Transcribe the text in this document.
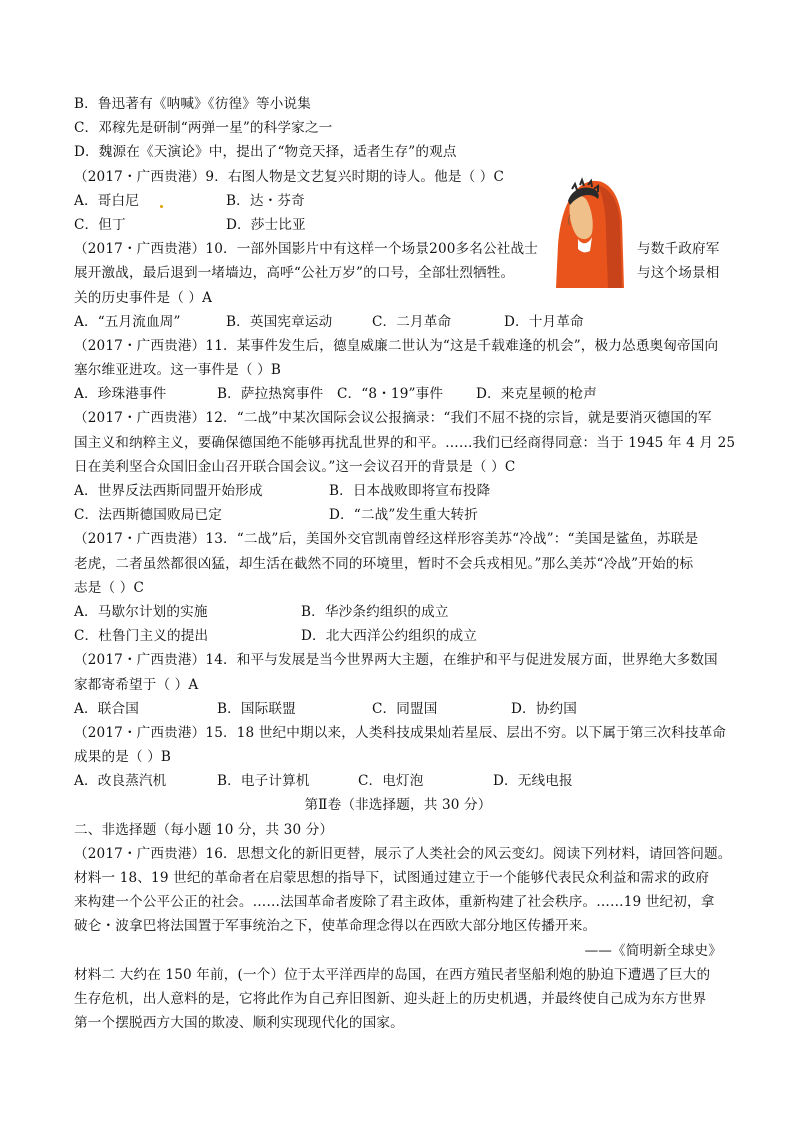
B．鲁迅著有《呐喊》《彷徨》等小说集
C．邓稼先是研制“两弹一星”的科学家之一
D．魏源在《天演论》中，提出了“物竞天择，适者生存”的观点
（2017・广西贵港）9．右图人物是文艺复兴时期的诗人。他是（ ）C
A．哥白尼	B．达・芬奇
C．但丁	D．莎士比亚
（2017・广西贵港）10．一部外国影片中有这样一个场景200多名公社战士	与数千政府军
展开激战，最后退到一堵墙边，高呼“公社万岁”的口号，全部壮烈牺牲。	与这个场景相
关的历史事件是（ ）A
A．“五月流血周”	B．英国宪章运动	C．二月革命	D．十月革命
（2017・广西贵港）11．某事件发生后，德皇威廉二世认为“这是千载难逢的机会”，极力怂恿奥匈帝国向
塞尔维亚进攻。这一事件是（ ）B
A．珍珠港事件	B．萨拉热窝事件 C．“8・19”事件 D．来克星顿的枪声
（2017・广西贵港）12．“二战”中某次国际会议公报摘录：“我们不屈不挠的宗旨，就是要消灭德国的军
国主义和纳粹主义，要确保德国绝不能够再扰乱世界的和平。……我们已经商得同意：当于 1945 年 4 月 25
日在美利坚合众国旧金山召开联合国会议。”这一会议召开的背景是（ ）C
A．世界反法西斯同盟开始形成	B．日本战败即将宣布投降
C．法西斯德国败局已定	D．“二战”发生重大转折
（2017・广西贵港）13．“二战”后，美国外交官凯南曾经这样形容美苏“冷战”：“美国是鲨鱼，苏联是
老虎，二者虽然都很凶猛，却生活在截然不同的环境里，暂时不会兵戎相见。”那么美苏“冷战”开始的标
志是（ ）C
A．马歇尔计划的实施	B．华沙条约组织的成立
C．杜鲁门主义的提出	D．北大西洋公约组织的成立
（2017・广西贵港）14．和平与发展是当今世界两大主题，在维护和平与促进发展方面，世界绝大多数国
家都寄希望于（ ）A
A．联合国	B．国际联盟	C．同盟国	D．协约国
（2017・广西贵港）15．18 世纪中期以来，人类科技成果灿若星辰、层出不穷。以下属于第三次科技革命
成果的是（ ）B
A．改良蒸汽机	B．电子计算机	C．电灯泡	D．无线电报
第Ⅱ卷（非选择题，共 30 分）
二、非选择题（每小题 10 分，共 30 分）
（2017・广西贵港）16．思想文化的新旧更替，展示了人类社会的风云变幻。阅读下列材料，请回答问题。
材料一 18、19 世纪的革命者在启蒙思想的指导下，试图通过建立于一个能够代表民众利益和需求的政府
来构建一个公平公正的社会。……法国革命者废除了君主政体，重新构建了社会秩序。……19 世纪初，拿
破仑・波拿巴将法国置于军事统治之下，使革命理念得以在西欧大部分地区传播开来。
——《简明新全球史》
材料二 大约在 150 年前，(一个）位于太平洋西岸的岛国，在西方殖民者坚船利炮的胁迫下遭遇了巨大的
生存危机，出人意料的是，它将此作为自己弃旧图新、迎头赶上的历史机遇，并最终使自己成为东方世界
第一个摆脱西方大国的欺凌、顺利实现现代化的国家。
